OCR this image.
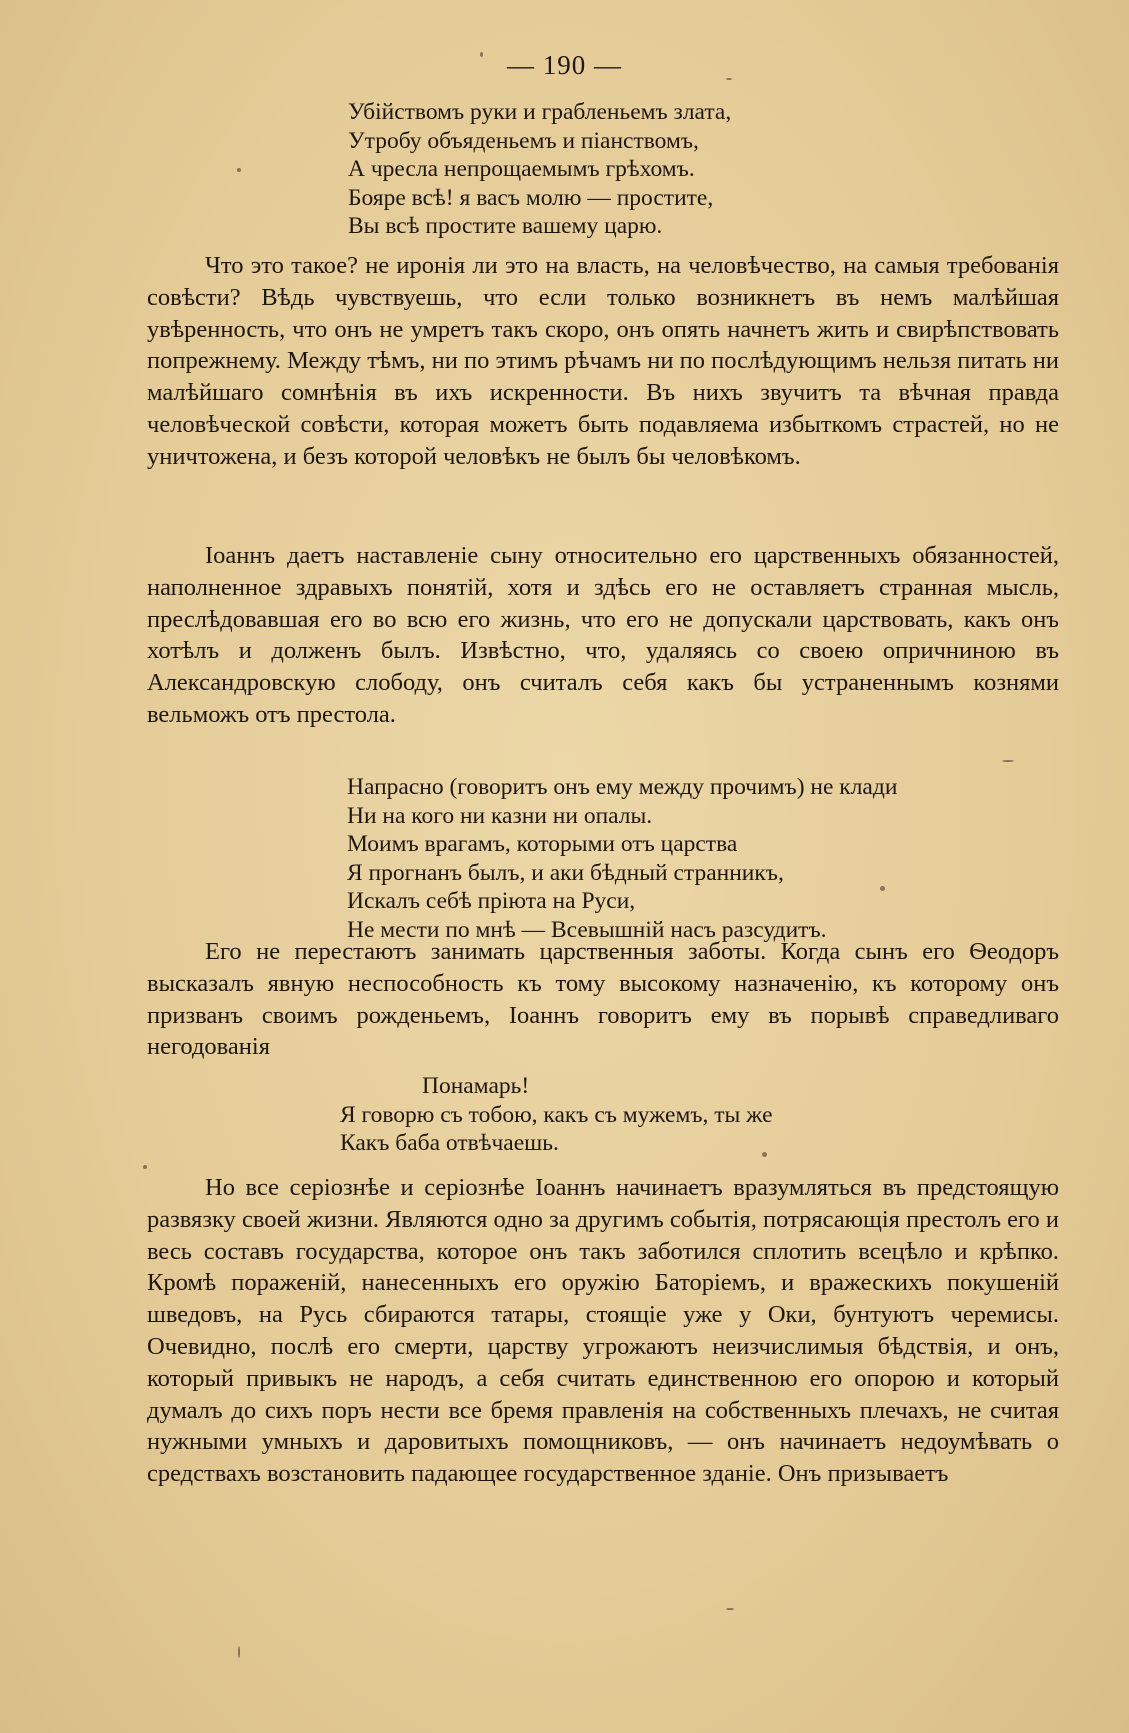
— 190 —
Убійствомъ руки и грабленьемъ злата,
Утробу объяденьемъ и піанствомъ,
А чресла непрощаемымъ грѣхомъ.
Бояре всѣ! я васъ молю — простите,
Вы всѣ простите вашему царю.

Что это такое? не иронія ли это на власть, на человѣчество, на самыя требованія совѣсти? Вѣдь чувствуешь, что если только возникнетъ въ немъ малѣйшая увѣренность, что онъ не умретъ такъ скоро, онъ опять начнетъ жить и свирѣпствовать попрежнему. Между тѣмъ, ни по этимъ рѣчамъ ни по послѣдующимъ нельзя питать ни малѣйшаго сомнѣнія въ ихъ искренности. Въ нихъ звучитъ та вѣчная правда человѣческой совѣсти, которая можетъ быть подавляема избыткомъ страстей, но не уничтожена, и безъ которой человѣкъ не былъ бы человѣкомъ.

Іоаннъ даетъ наставленіе сыну относительно его царственныхъ обязанностей, наполненное здравыхъ понятій, хотя и здѣсь его не оставляетъ странная мысль, преслѣдовавшая его во всю его жизнь, что его не допускали царствовать, какъ онъ хотѣлъ и долженъ былъ. Извѣстно, что, удаляясь со своею опричниною въ Александровскую слободу, онъ считалъ себя какъ бы устраненнымъ кознями вельможъ отъ престола.

Напрасно (говоритъ онъ ему между прочимъ) не клади
Ни на кого ни казни ни опалы.
Моимъ врагамъ, которыми отъ царства
Я прогнанъ былъ, и аки бѣдный странникъ,
Искалъ себѣ пріюта на Руси,
Не мести по мнѣ — Всевышній насъ разсудитъ.

Его не перестаютъ занимать царственныя заботы. Когда сынъ его Ѳеодоръ высказалъ явную неспособность къ тому высокому назначенію, къ которому онъ призванъ своимъ рожденьемъ, Іоаннъ говоритъ ему въ порывѣ справедливаго негодованія

Понамарь!
Я говорю съ тобою, какъ съ мужемъ, ты же
Какъ баба отвѣчаешь.

Но все серіознѣе и серіознѣе Іоаннъ начинаетъ вразумляться въ предстоящую развязку своей жизни. Являются одно за другимъ событія, потрясающія престолъ его и весь составъ государства, которое онъ такъ заботился сплотить всецѣло и крѣпко. Кромѣ пораженій, нанесенныхъ его оружію Баторіемъ, и вражескихъ покушеній шведовъ, на Русь сбираются татары, стоящіе уже у Оки, бунтуютъ черемисы. Очевидно, послѣ его смерти, царству угрожаютъ неизчислимыя бѣдствія, и онъ, который привыкъ не народъ, а себя считать единственною его опорою и который думалъ до сихъ поръ нести все бремя правленія на собственныхъ плечахъ, не считая нужными умныхъ и даровитыхъ помощниковъ, — онъ начинаетъ недоумѣвать о средствахъ возстановить падающее государственное зданіе. Онъ призываетъ
